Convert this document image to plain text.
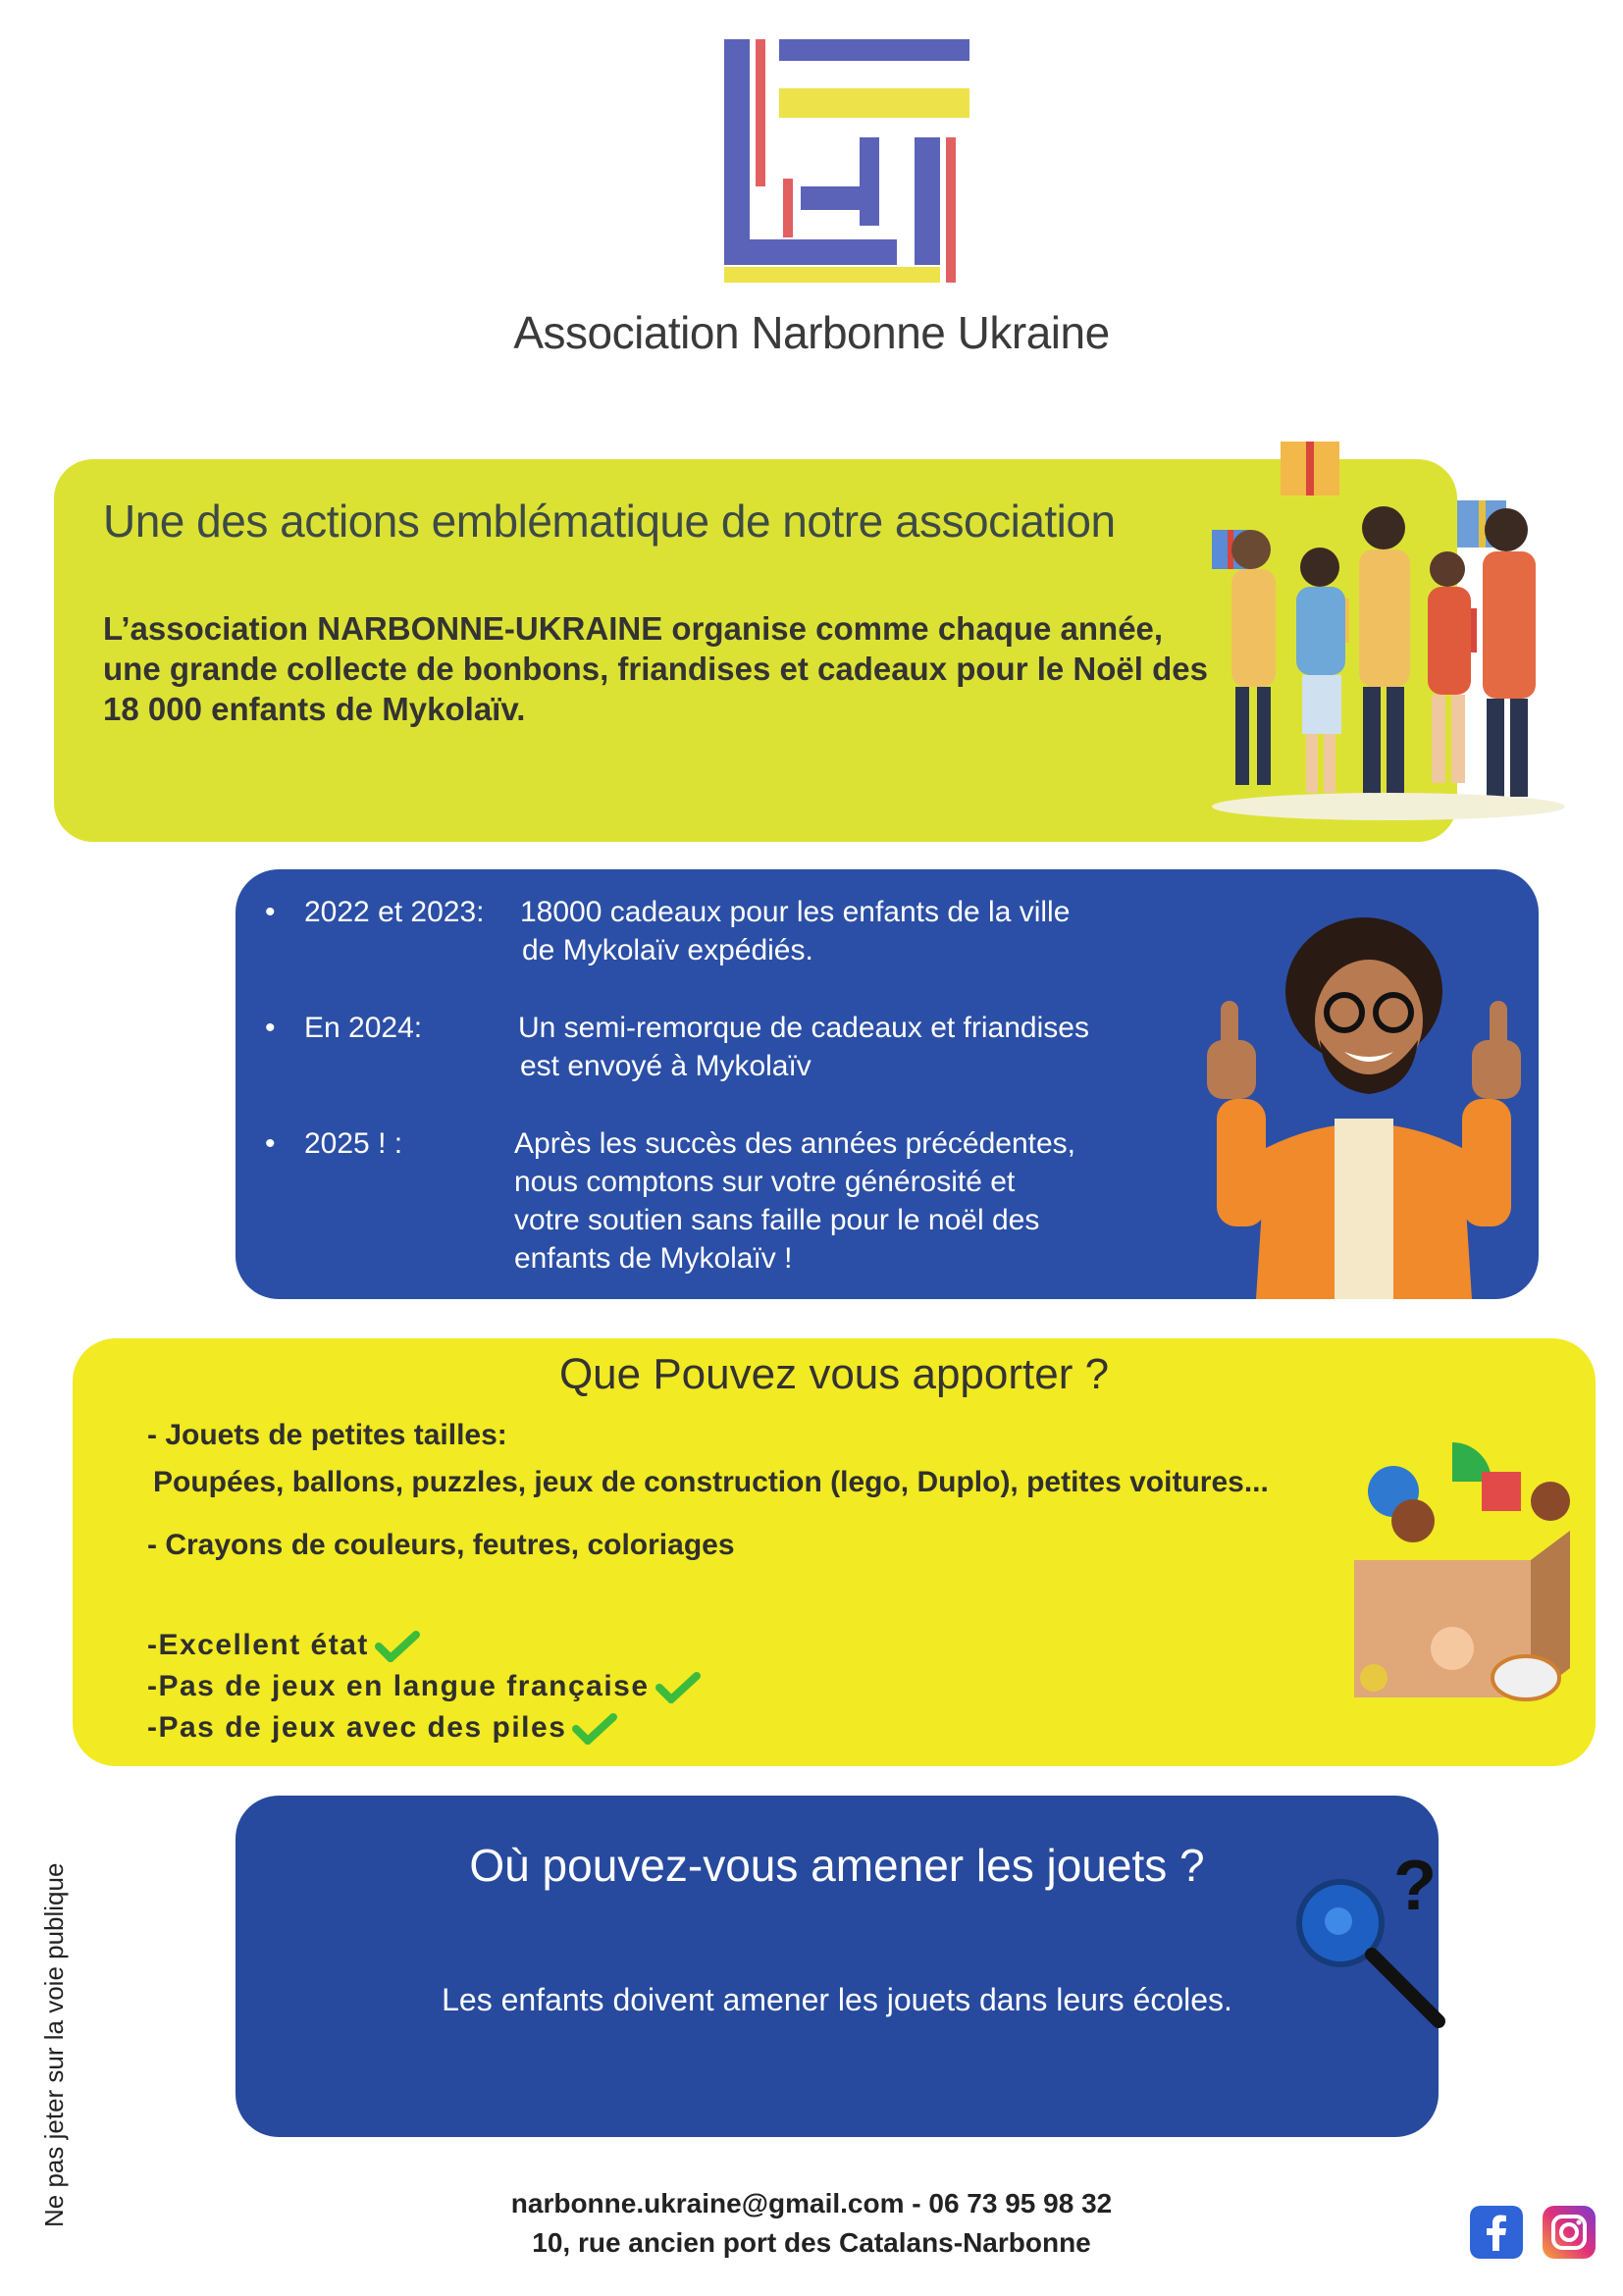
Association Narbonne Ukraine
Une des actions emblématique de notre association
L’association NARBONNE-UKRAINE organise comme chaque année, une grande collecte de bonbons, friandises et cadeaux pour le Noël des 18 000 enfants de Mykolaïv.
• 2022 et 2023: 18000 cadeaux pour les enfants de la ville
de Mykolaïv expédiés.
• En 2024:	Un semi-remorque de cadeaux et friandises
est envoyé à Mykolaïv
• 2025 ! :	Après les succès des années précédentes,
nous comptons sur votre générosité et
votre soutien sans faille pour le noël des
enfants de Mykolaïv !
Que Pouvez vous apporter ?
- Jouets de petites tailles:
Poupées, ballons, puzzles, jeux de construction (lego, Duplo), petites voitures...
- Crayons de couleurs, feutres, coloriages
-Excellent état
-Pas de jeux en langue française
-Pas de jeux avec des piles
Où pouvez-vous amener les jouets ?
Les enfants doivent amener les jouets dans leurs écoles.
?
narbonne.ukraine@gmail.com - 06 73 95 98 32
10, rue ancien port des Catalans-Narbonne
Ne pas jeter sur la voie publique
